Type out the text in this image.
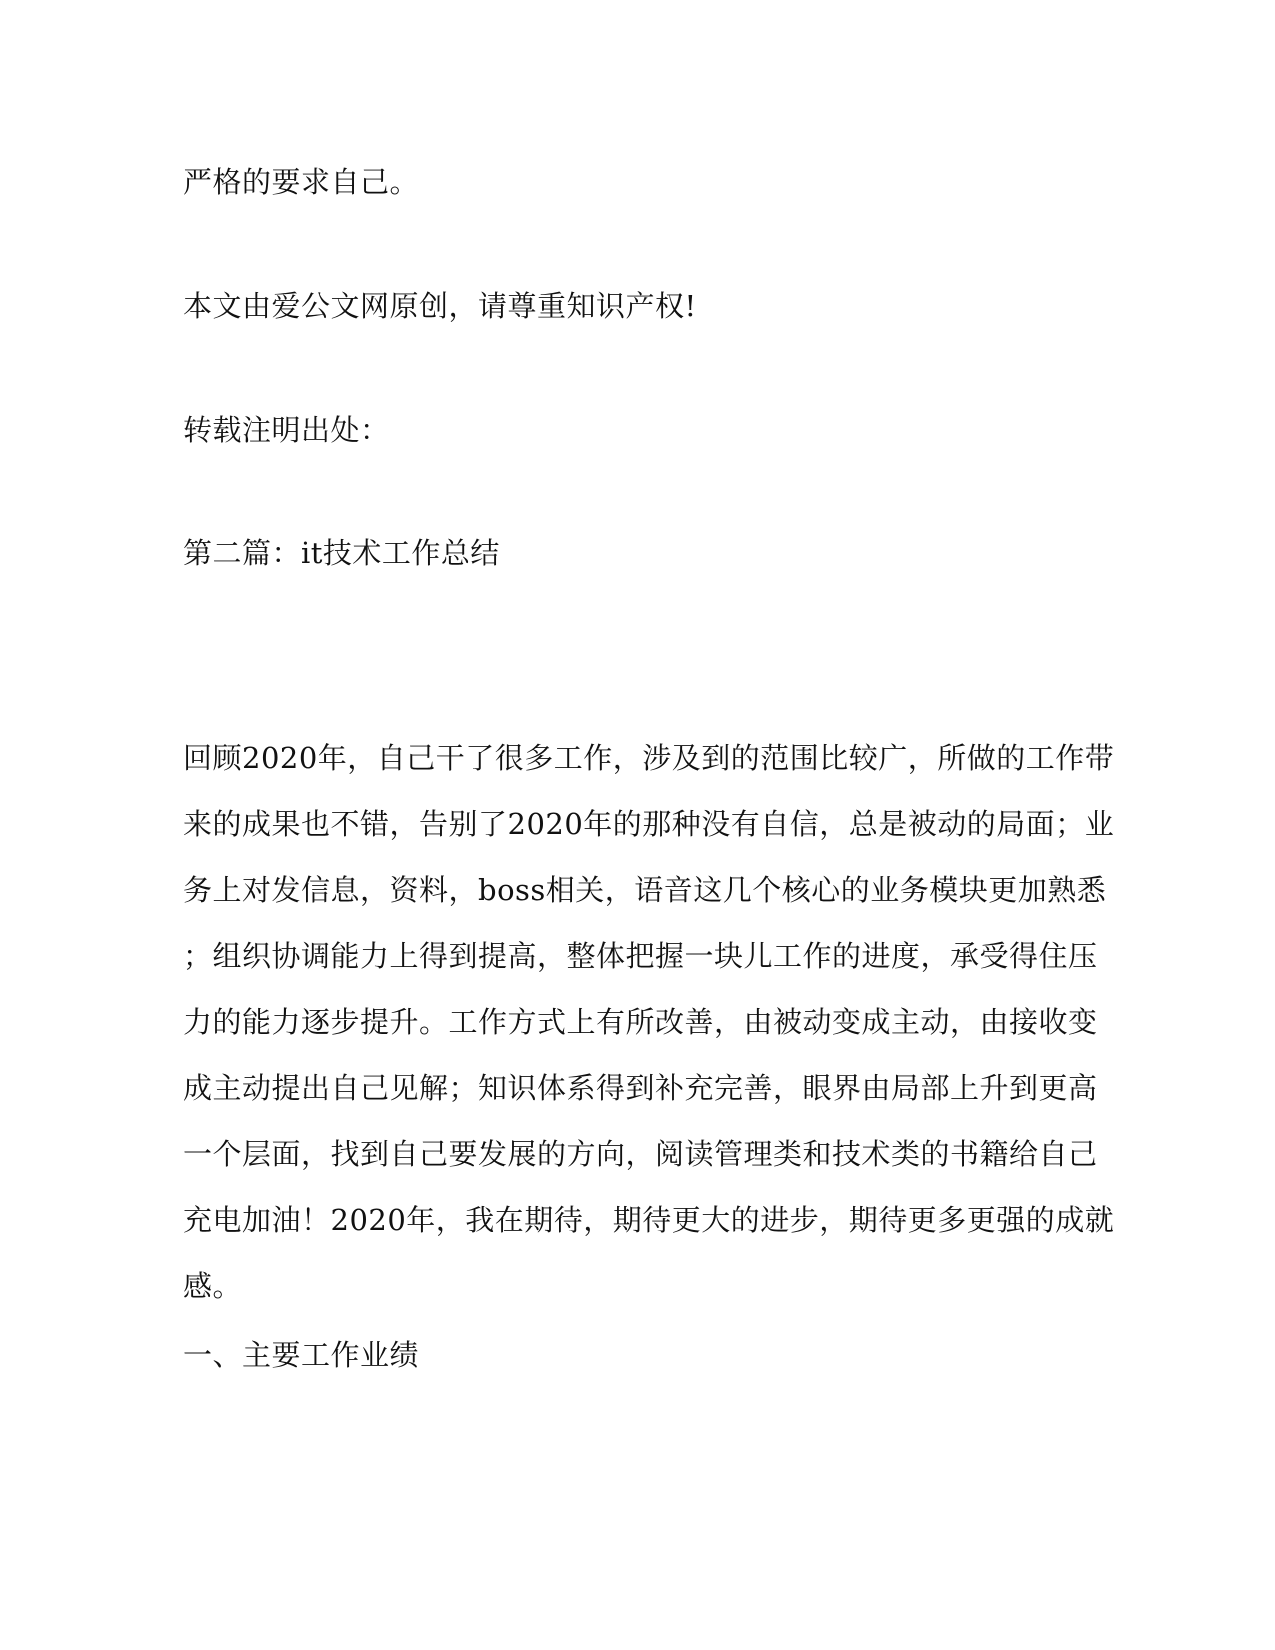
严格的要求自己。
本文由爱公文网原创，请尊重知识产权!
转载注明出处：
第二篇：it技术工作总结
回顾2020年，自己干了很多工作，涉及到的范围比较广，所做的工作带
来的成果也不错，告别了2020年的那种没有自信，总是被动的局面；业
务上对发信息，资料，boss相关，语音这几个核心的业务模块更加熟悉
；组织协调能力上得到提高，整体把握一块儿工作的进度，承受得住压
力的能力逐步提升。工作方式上有所改善，由被动变成主动，由接收变
成主动提出自己见解；知识体系得到补充完善，眼界由局部上升到更高
一个层面，找到自己要发展的方向，阅读管理类和技术类的书籍给自己
充电加油！2020年，我在期待，期待更大的进步，期待更多更强的成就
感。
一、主要工作业绩
